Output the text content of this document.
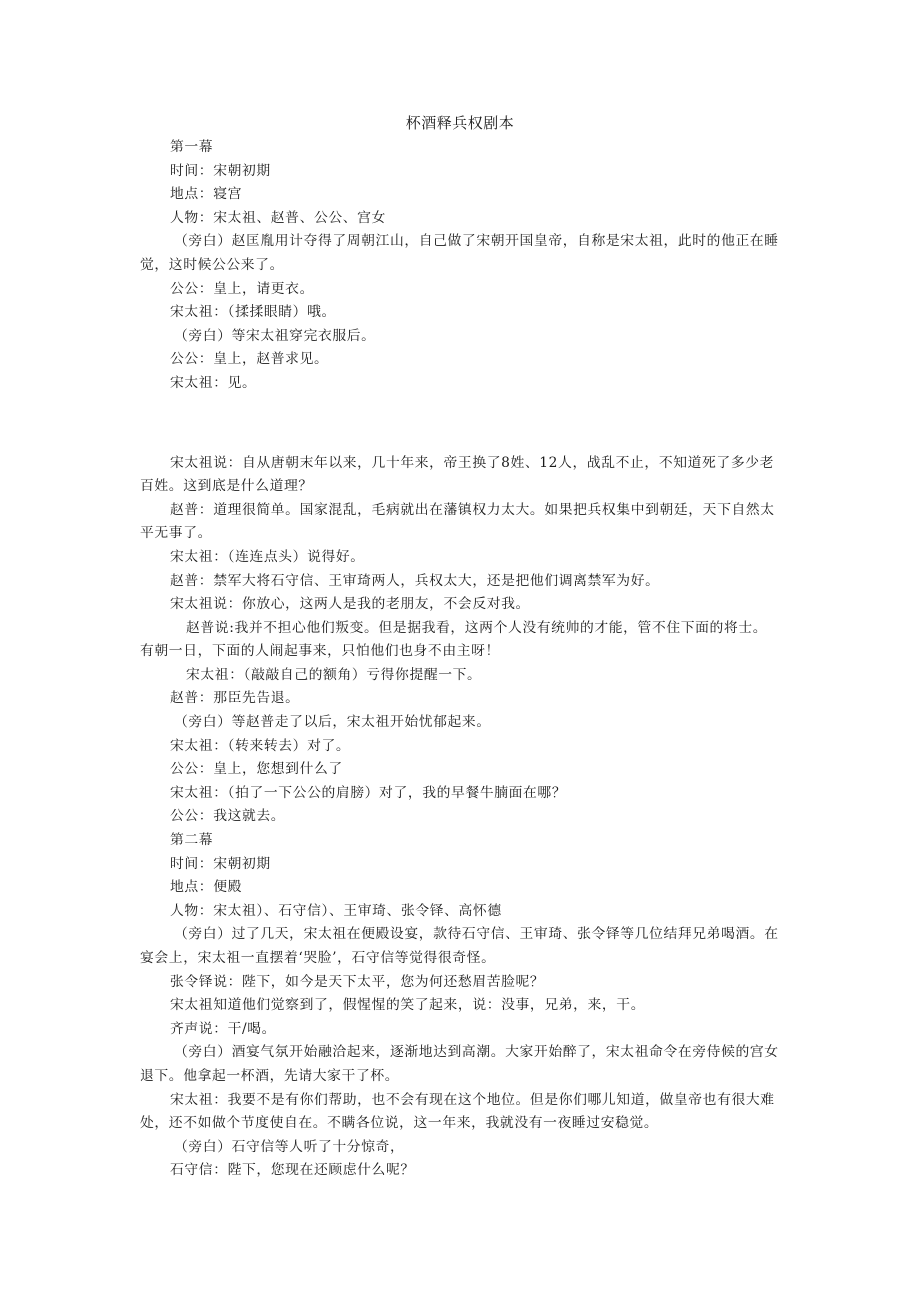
杯酒释兵权剧本

第一幕

时间：宋朝初期

地点：寝宫

人物：宋太祖、赵普、公公、宫女

（旁白）赵匡胤用计夺得了周朝江山，自己做了宋朝开国皇帝，自称是宋太祖，此时的他正在睡觉，这时候公公来了。

公公：皇上，请更衣。

宋太祖：（揉揉眼睛）哦。

（旁白）等宋太祖穿完衣服后。

公公：皇上，赵普求见。

宋太祖：见。

宋太祖说：自从唐朝末年以来，几十年来，帝王换了8姓、12人，战乱不止，不知道死了多少老百姓。这到底是什么道理？

赵普：道理很简单。国家混乱，毛病就出在藩镇权力太大。如果把兵权集中到朝廷，天下自然太平无事了。

宋太祖：（连连点头）说得好。

赵普：禁军大将石守信、王审琦两人，兵权太大，还是把他们调离禁军为好。

宋太祖说：你放心，这两人是我的老朋友，不会反对我。

赵普说:我并不担心他们叛变。但是据我看，这两个人没有统帅的才能，管不住下面的将士。有朝一日，下面的人闹起事来，只怕他们也身不由主呀！

宋太祖：（敲敲自己的额角）亏得你提醒一下。

赵普：那臣先告退。

（旁白）等赵普走了以后，宋太祖开始忧郁起来。

宋太祖：（转来转去）对了。

公公：皇上，您想到什么了

宋太祖：（拍了一下公公的肩膀）对了，我的早餐牛腩面在哪？

公公：我这就去。

第二幕

时间：宋朝初期

地点：便殿

人物：宋太祖）、石守信）、王审琦、张令铎、高怀德

（旁白）过了几天，宋太祖在便殿设宴，款待石守信、王审琦、张令铎等几位结拜兄弟喝酒。在宴会上，宋太祖一直摆着‘哭脸’，石守信等觉得很奇怪。

张令铎说：陛下，如今是天下太平，您为何还愁眉苦脸呢？

宋太祖知道他们觉察到了，假惺惺的笑了起来，说：没事，兄弟，来，干。

齐声说：干/喝。

（旁白）酒宴气氛开始融洽起来，逐渐地达到高潮。大家开始醉了，宋太祖命令在旁侍候的宫女退下。他拿起一杯酒，先请大家干了杯。

宋太祖：我要不是有你们帮助，也不会有现在这个地位。但是你们哪儿知道，做皇帝也有很大难处，还不如做个节度使自在。不瞒各位说，这一年来，我就没有一夜睡过安稳觉。

（旁白）石守信等人听了十分惊奇，

石守信：陛下，您现在还顾虑什么呢？
